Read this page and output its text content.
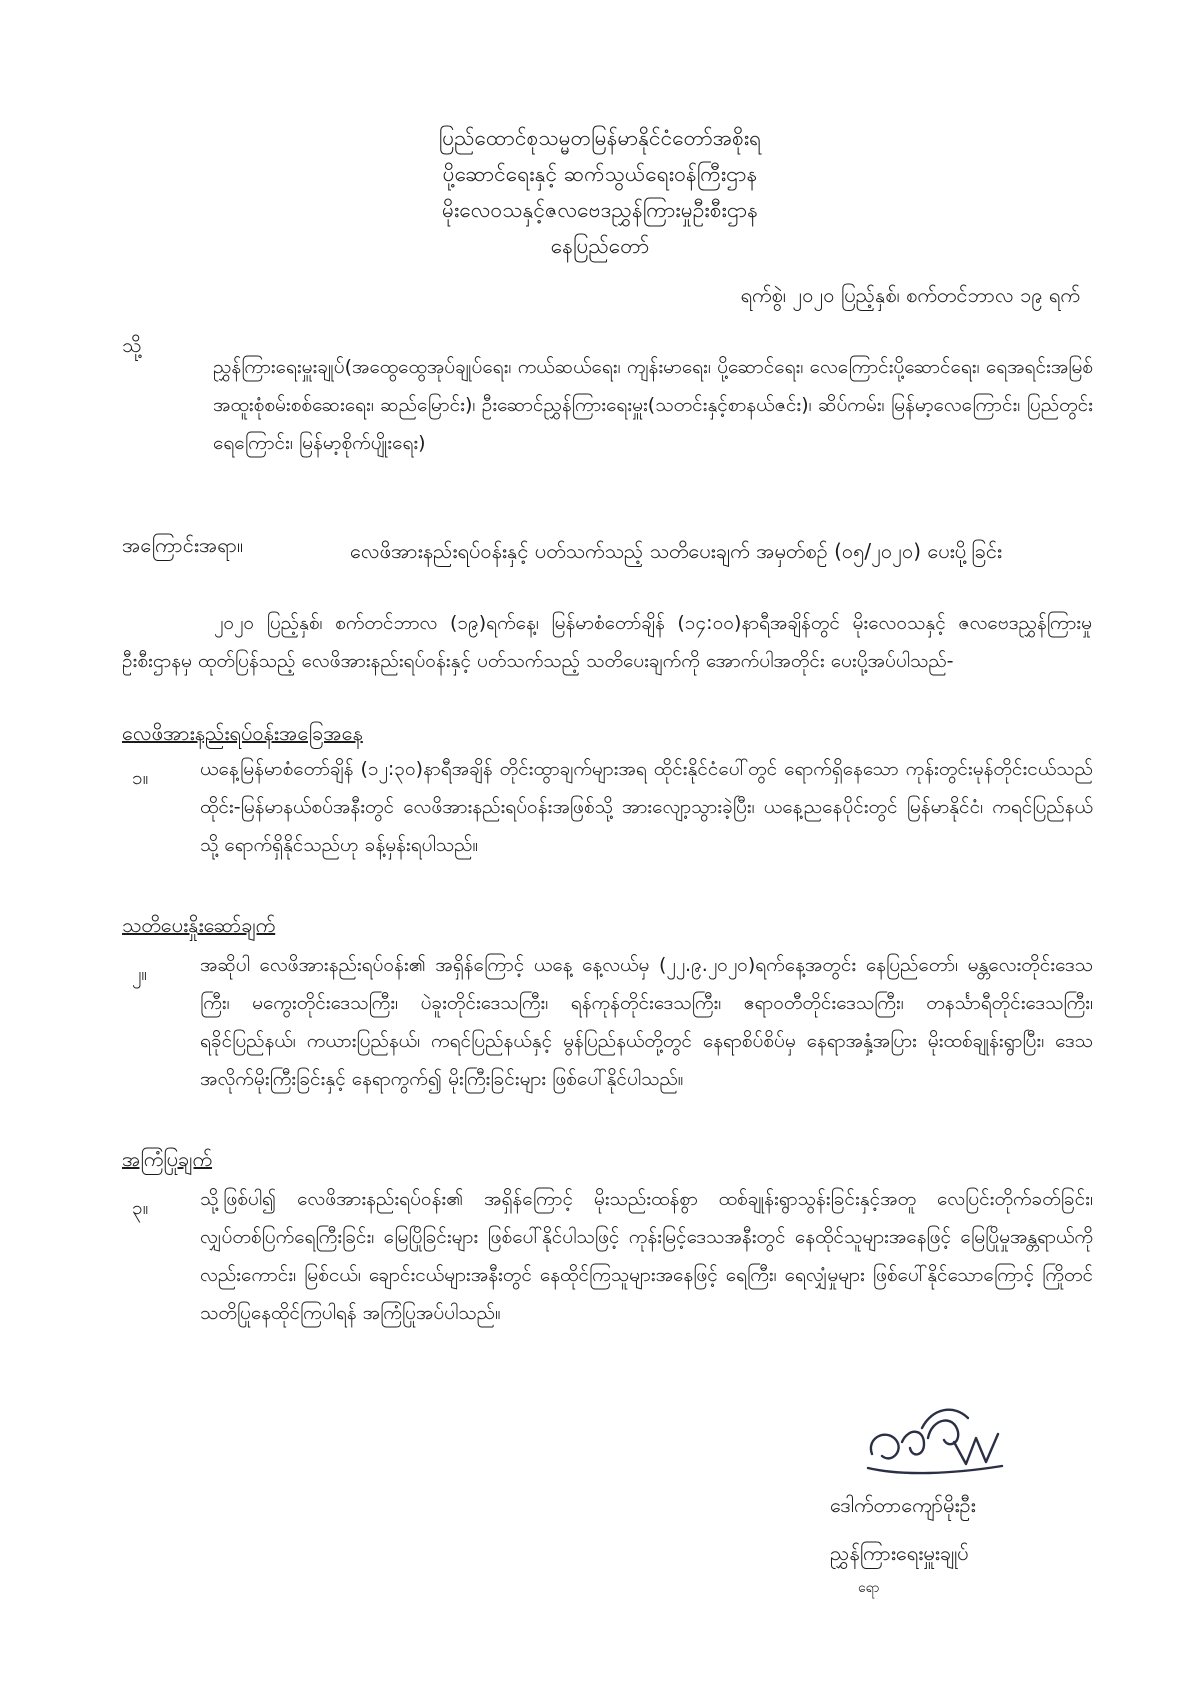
ပြည်ထောင်စုသမ္မတမြန်မာနိုင်ငံတော်အစိုးရ
ပို့ဆောင်ရေးနှင့် ဆက်သွယ်ရေးဝန်ကြီးဌာန
မိုးလေဝသနှင့်ဇလဗေဒညွှန်ကြားမှုဦးစီးဌာန
နေပြည်တော်
ရက်စွဲ၊ ၂၀၂၀ ပြည့်နှစ်၊ စက်တင်ဘာလ ၁၉ ရက်
သို့
ညွှန်ကြားရေးမှူးချုပ်(အထွေထွေအုပ်ချုပ်ရေး၊ ကယ်ဆယ်ရေး၊ ကျန်းမာရေး၊ ပို့ဆောင်ရေး၊ လေကြောင်းပို့ဆောင်ရေး၊ ရေအရင်းအမြစ်အထူးစုံစမ်းစစ်ဆေးရေး၊ ဆည်မြောင်း)၊ ဦးဆောင်ညွှန်ကြားရေးမှူး(သတင်းနှင့်စာနယ်ဇင်း)၊ ဆိပ်ကမ်း၊ မြန်မာ့လေကြောင်း၊ ပြည်တွင်းရေကြောင်း၊ မြန်မာ့စိုက်ပျိုးရေး)
အကြောင်းအရာ။	လေဖိအားနည်းရပ်ဝန်းနှင့် ပတ်သက်သည့် သတိပေးချက် အမှတ်စဉ် (၀၅/၂၀၂၀) ပေးပို့ခြင်း
၂၀၂၀ ပြည့်နှစ်၊ စက်တင်ဘာလ (၁၉)ရက်နေ့၊ မြန်မာစံတော်ချိန် (၁၄:၀၀)နာရီအချိန်တွင် မိုးလေဝသနှင့် ဇလဗေဒညွှန်ကြားမှုဦးစီးဌာနမှ ထုတ်ပြန်သည့် လေဖိအားနည်းရပ်ဝန်းနှင့် ပတ်သက်သည့် သတိပေးချက်ကို အောက်ပါအတိုင်း ပေးပို့အပ်ပါသည်-
လေဖိအားနည်းရပ်ဝန်းအခြေအနေ
၁။	ယနေ့မြန်မာစံတော်ချိန် (၁၂:၃၀)နာရီအချိန် တိုင်းထွာချက်များအရ ထိုင်းနိုင်ငံပေါ်တွင် ရောက်ရှိနေသော ကုန်းတွင်းမုန်တိုင်းငယ်သည် ထိုင်း-မြန်မာနယ်စပ်အနီးတွင် လေဖိအားနည်းရပ်ဝန်းအဖြစ်သို့ အားလျော့သွားခဲ့ပြီး၊ ယနေ့ညနေပိုင်းတွင် မြန်မာနိုင်ငံ၊ ကရင်ပြည်နယ်သို့ ရောက်ရှိနိုင်သည်ဟု ခန့်မှန်းရပါသည်။
သတိပေးနှိုးဆော်ချက်
၂။	အဆိုပါ လေဖိအားနည်းရပ်ဝန်း၏ အရှိန်ကြောင့် ယနေ့ နေ့လယ်မှ (၂၂.၉.၂၀၂၀)ရက်နေ့အတွင်း နေပြည်တော်၊ မန္တလေးတိုင်းဒေသကြီး၊ မကွေးတိုင်းဒေသကြီး၊ ပဲခူးတိုင်းဒေသကြီး၊ ရန်ကုန်တိုင်းဒေသကြီး၊ ဧရာဝတီတိုင်းဒေသကြီး၊ တနင်္သာရီတိုင်းဒေသကြီး၊ ရခိုင်ပြည်နယ်၊ ကယားပြည်နယ်၊ ကရင်ပြည်နယ်နှင့် မွန်ပြည်နယ်တို့တွင် နေရာစိပ်စိပ်မှ နေရာအနှံ့အပြား မိုးထစ်ချုန်းရွာပြီး၊ ဒေသအလိုက်မိုးကြီးခြင်းနှင့် နေရာကွက်၍ မိုးကြီးခြင်းများ ဖြစ်ပေါ်နိုင်ပါသည်။
အကြံပြုချက်
၃။	သို့ဖြစ်ပါ၍ လေဖိအားနည်းရပ်ဝန်း၏ အရှိန်ကြောင့် မိုးသည်းထန်စွာ ထစ်ချုန်းရွာသွန်းခြင်းနှင့်အတူ လေပြင်းတိုက်ခတ်ခြင်း၊ လျှပ်တစ်ပြက်ရေကြီးခြင်း၊ မြေပြိုခြင်းများ ဖြစ်ပေါ်နိုင်ပါသဖြင့် ကုန်းမြင့်ဒေသအနီးတွင် နေထိုင်သူများအနေဖြင့် မြေပြိုမှုအန္တရာယ်ကိုလည်းကောင်း၊ မြစ်ငယ်၊ ချောင်းငယ်များအနီးတွင် နေထိုင်ကြသူများအနေဖြင့် ရေကြီး၊ ရေလျှံမှုများ ဖြစ်ပေါ်နိုင်သောကြောင့် ကြိုတင်သတိပြုနေထိုင်ကြပါရန် အကြံပြုအပ်ပါသည်။
ဒေါက်တာကျော်မိုးဦး
ညွှန်ကြားရေးမှူးချုပ်
ရော
